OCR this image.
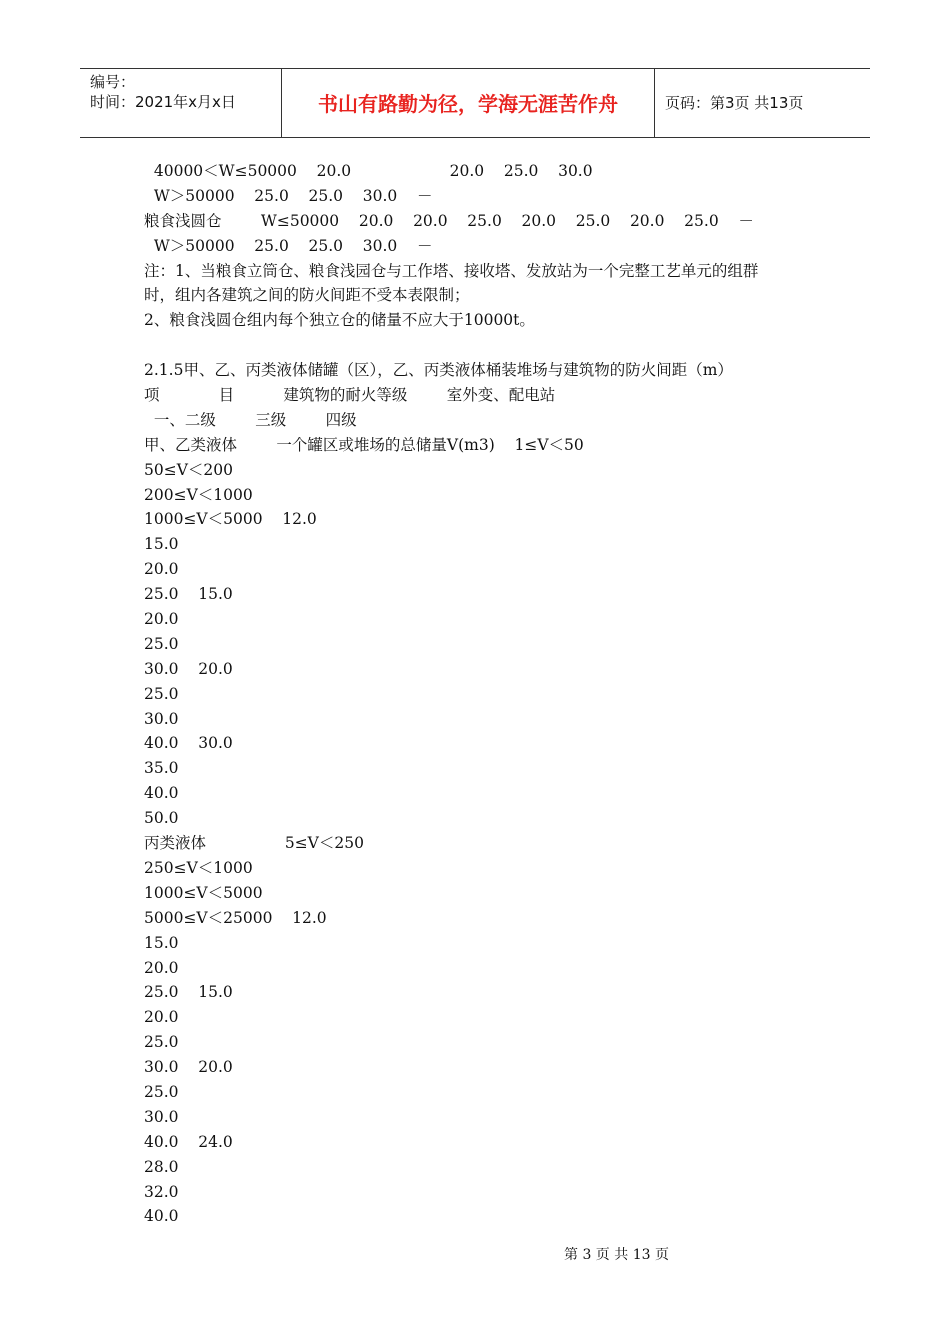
编号：
时间：2021年x月x日	书山有路勤为径，学海无涯苦作舟	页码：第3页 共13页
40000＜W≤50000    20.0                    20.0    25.0    30.0
W＞50000    25.0    25.0    30.0    －
粮食浅圆仓        W≤50000    20.0    20.0    25.0    20.0    25.0    20.0    25.0    －
W＞50000    25.0    25.0    30.0    －
注：1、当粮食立筒仓、粮食浅园仓与工作塔、接收塔、发放站为一个完整工艺单元的组群
时，组内各建筑之间的防火间距不受本表限制；
2、粮食浅圆仓组内每个独立仓的储量不应大于10000t。
2.1.5甲、乙、丙类液体储罐（区），乙、丙类液体桶装堆场与建筑物的防火间距（m）
项            目          建筑物的耐火等级        室外变、配电站
一、二级        三级        四级
甲、乙类液体        一个罐区或堆场的总储量V(m3)    1≤V＜50
50≤V＜200
200≤V＜1000
1000≤V＜5000    12.0
15.0
20.0
25.0    15.0
20.0
25.0
30.0    20.0
25.0
30.0
40.0    30.0
35.0
40.0
50.0
丙类液体                5≤V＜250
250≤V＜1000
1000≤V＜5000
5000≤V＜25000    12.0
15.0
20.0
25.0    15.0
20.0
25.0
30.0    20.0
25.0
30.0
40.0    24.0
28.0
32.0
40.0
第 3 页 共 13 页
